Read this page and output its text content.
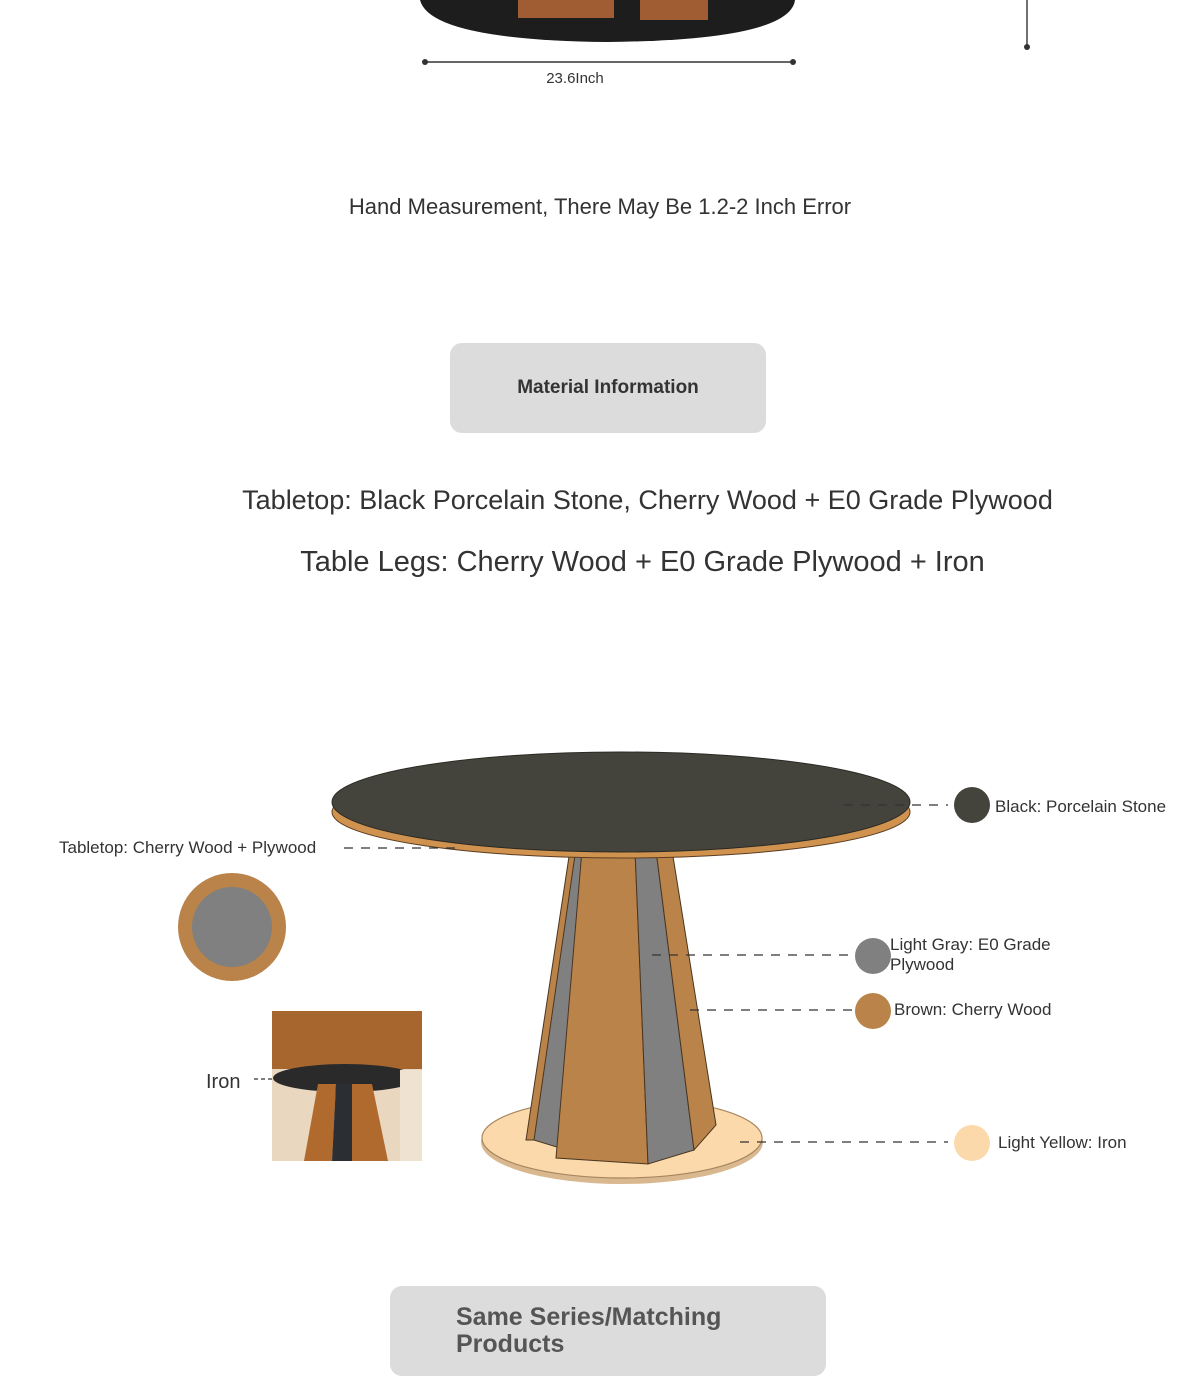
23.6Inch
Hand Measurement, There May Be 1.2-2 Inch Error
Material Information
Tabletop: Black Porcelain Stone, Cherry Wood + E0 Grade Plywood
Table Legs: Cherry Wood + E0 Grade Plywood + Iron
Tabletop: Cherry Wood + Plywood
Iron
Black: Porcelain Stone
Light Gray: E0 Grade Plywood
Brown: Cherry Wood
Light Yellow: Iron
Same Series/Matching Products
